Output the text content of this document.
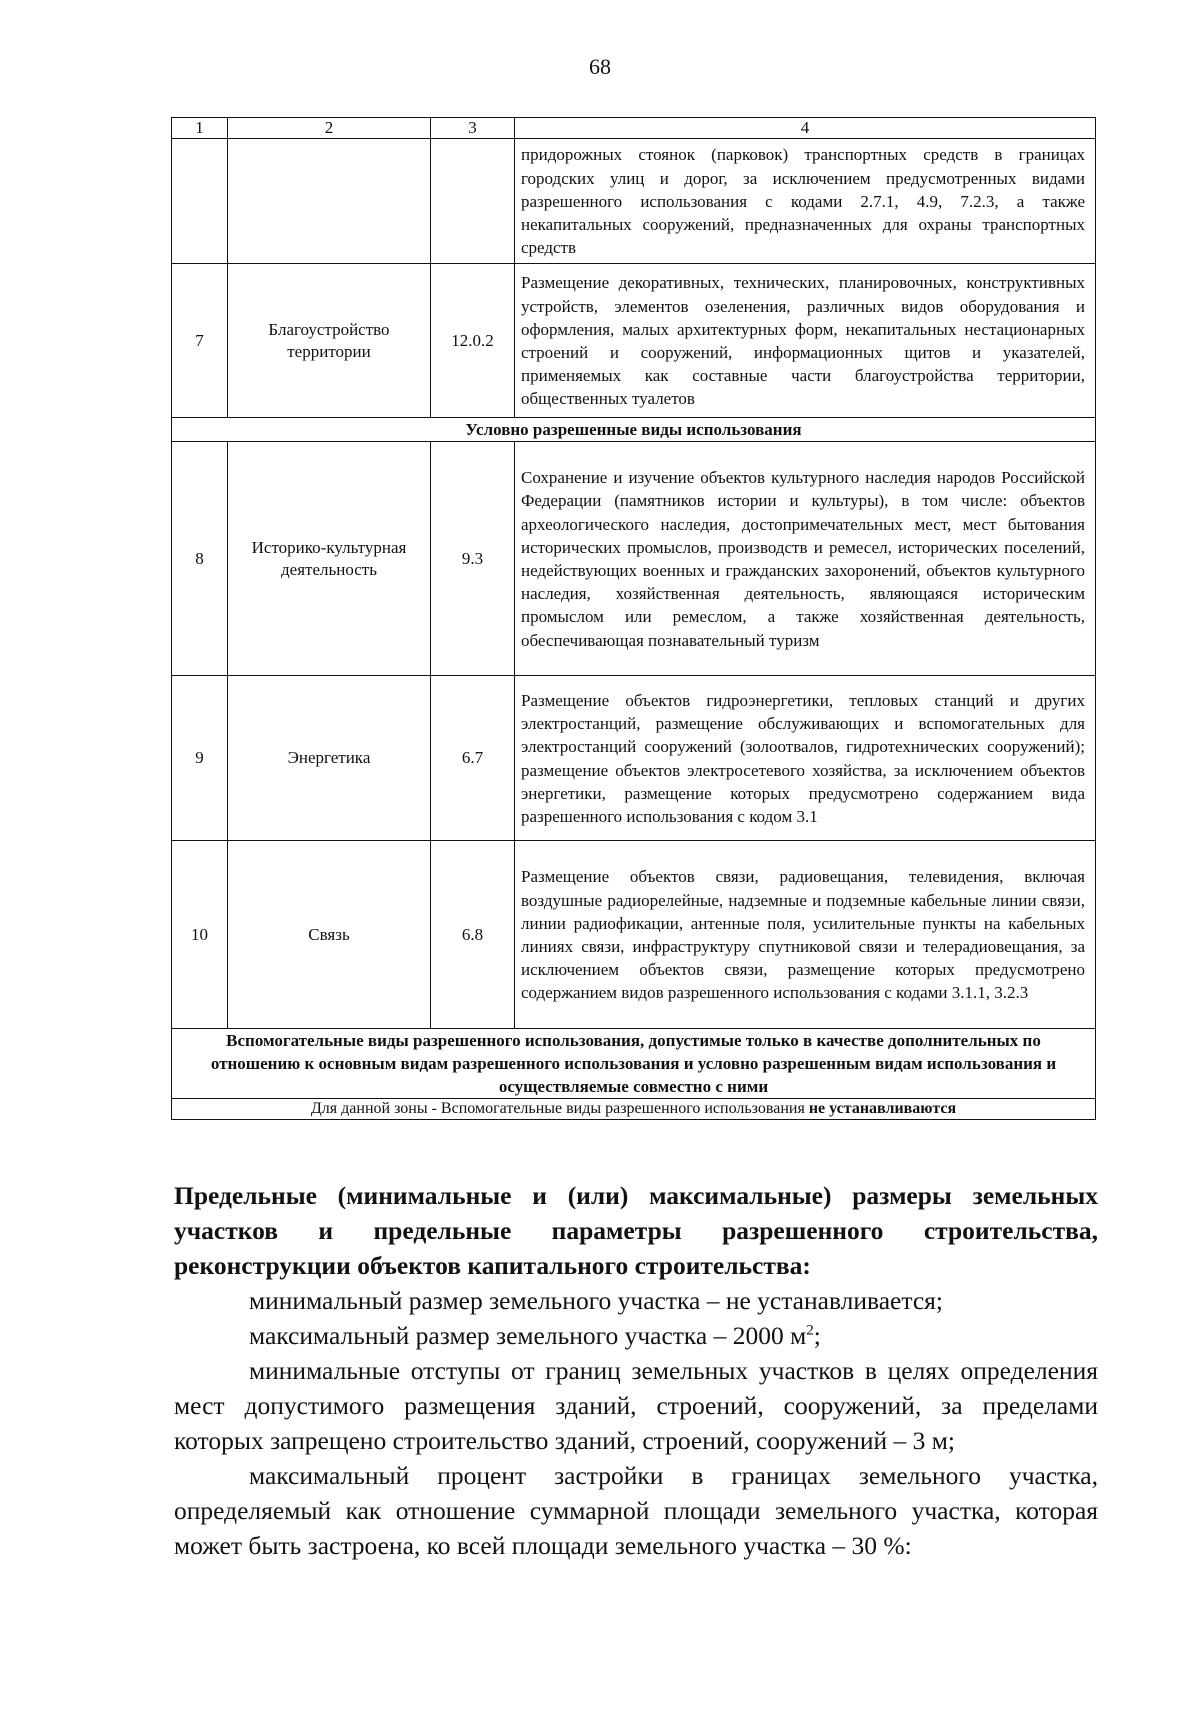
68
1	2	3	4
			придорожных стоянок (парковок) транспортных средств в границах городских улиц и дорог, за исключением предусмотренных видами разрешенного использования с кодами 2.7.1, 4.9, 7.2.3, а также некапитальных сооружений, предназначенных для охраны транспортных средств
7	Благоустройство территории	12.0.2	Размещение декоративных, технических, планировочных, конструктивных устройств, элементов озеленения, различных видов оборудования и оформления, малых архитектурных форм, некапитальных нестационарных строений и сооружений, информационных щитов и указателей, применяемых как составные части благоустройства территории, общественных туалетов
Условно разрешенные виды использования			
8	Историко-культурная деятельность	9.3	Сохранение и изучение объектов культурного наследия народов Российской Федерации (памятников истории и культуры), в том числе: объектов археологического наследия, достопримечательных мест, мест бытования исторических промыслов, производств и ремесел, исторических поселений, недействующих военных и гражданских захоронений, объектов культурного наследия, хозяйственная деятельность, являющаяся историческим промыслом или ремеслом, а также хозяйственная деятельность, обеспечивающая познавательный туризм
9	Энергетика	6.7	Размещение объектов гидроэнергетики, тепловых станций и других электростанций, размещение обслуживающих и вспомогательных для электростанций сооружений (золоотвалов, гидротехнических сооружений); размещение объектов электросетевого хозяйства, за исключением объектов энергетики, размещение которых предусмотрено содержанием вида разрешенного использования с кодом 3.1
10	Связь	6.8	Размещение объектов связи, радиовещания, телевидения, включая воздушные радиорелейные, надземные и подземные кабельные линии связи, линии радиофикации, антенные поля, усилительные пункты на кабельных линиях связи, инфраструктуру спутниковой связи и телерадиовещания, за исключением объектов связи, размещение которых предусмотрено содержанием видов разрешенного использования с кодами 3.1.1, 3.2.3
Вспомогательные виды разрешенного использования, допустимые только в качестве дополнительных по отношению к основным видам разрешенного использования и условно разрешенным видам использования и осуществляемые совместно с ними			
Для данной зоны - Вспомогательные виды разрешенного использования не устанавливаются			
Предельные (минимальные и (или) максимальные) размеры земельных участков и предельные параметры разрешенного строительства, реконструкции объектов капитального строительства:

минимальный размер земельного участка – не устанавливается;

максимальный размер земельного участка – 2000 $м^2$;

минимальные отступы от границ земельных участков в целях определения мест допустимого размещения зданий, строений, сооружений, за пределами которых запрещено строительство зданий, строений, сооружений – 3 м;

максимальный процент застройки в границах земельного участка, определяемый как отношение суммарной площади земельного участка, которая может быть застроена, ко всей площади земельного участка – 30 %:
